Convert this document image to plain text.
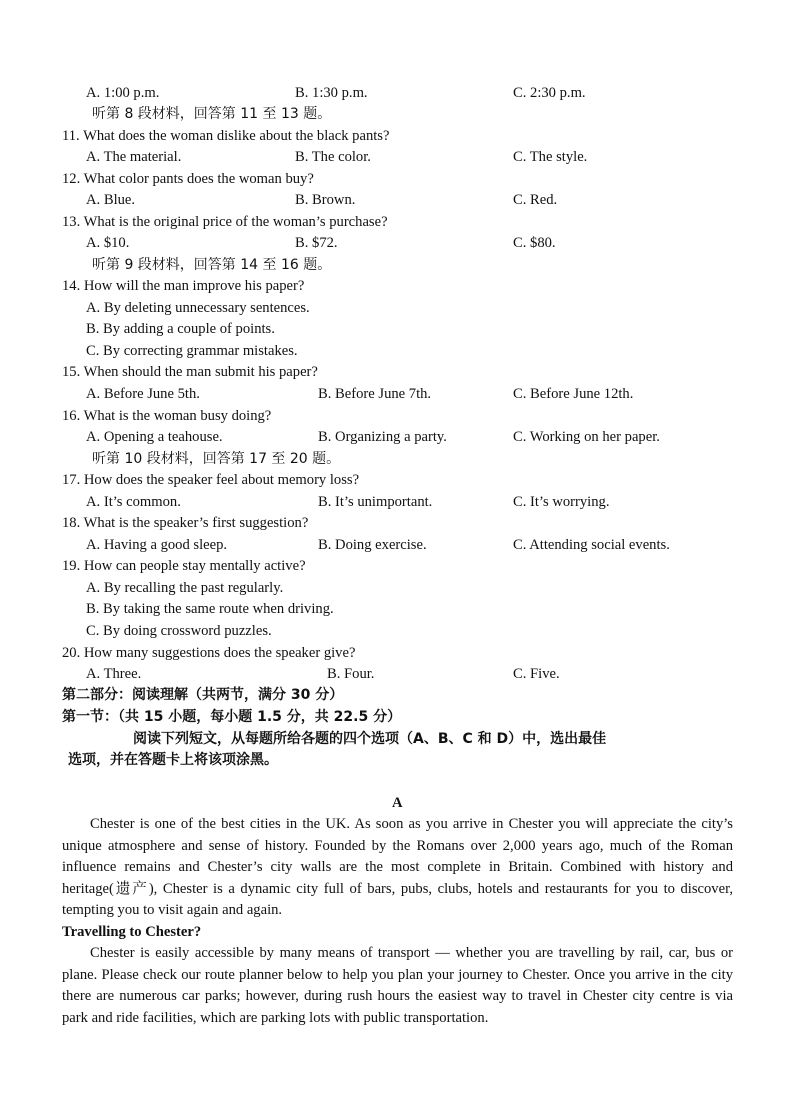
A. 1:00 p.m.	B. 1:30 p.m.	C. 2:30 p.m.
听第 8 段材料，回答第 11 至 13 题。
11. What does the woman dislike about the black pants?
A. The material.	B. The color.	C. The style.
12. What color pants does the woman buy?
A. Blue.	B. Brown.	C. Red.
13. What is the original price of the woman’s purchase?
A. $10.	B. $72.	C. $80.
听第 9 段材料，回答第 14 至 16 题。
14. How will the man improve his paper?
A. By deleting unnecessary sentences.
B. By adding a couple of points.
C. By correcting grammar mistakes.
15. When should the man submit his paper?
A. Before June 5th.	B. Before June 7th.	C. Before June 12th.
16. What is the woman busy doing?
A. Opening a teahouse.	B. Organizing a party.	C. Working on her paper.
听第 10 段材料，回答第 17 至 20 题。
17. How does the speaker feel about memory loss?
A. It’s common.	B. It’s unimportant.	C. It’s worrying.
18. What is the speaker’s first suggestion?
A. Having a good sleep.	B. Doing exercise.	C. Attending social events.
19. How can people stay mentally active?
A. By recalling the past regularly.
B. By taking the same route when driving.
C. By doing crossword puzzles.
20. How many suggestions does the speaker give?
A. Three.	B. Four.	C. Five.
第二部分：阅读理解（共两节，满分 30 分）
第一节：（共 15 小题，每小题 1.5 分，共 22.5 分）
阅读下列短文，从每题所给各题的四个选项（A、B、C 和 D）中，选出最佳
选项，并在答题卡上将该项涂黑。
A
Chester is one of the best cities in the UK. As soon as you arrive in Chester you will appreciate the city’s unique atmosphere and sense of history. Founded by the Romans over 2,000 years ago, much of the Roman influence remains and Chester’s city walls are the most complete in Britain. Combined with history and heritage(遗产), Chester is a dynamic city full of bars, pubs, clubs, hotels and restaurants for you to discover, tempting you to visit again and again.
Travelling to Chester?
Chester is easily accessible by many means of transport — whether you are travelling by rail, car, bus or plane. Please check our route planner below to help you plan your journey to Chester. Once you arrive in the city there are numerous car parks; however, during rush hours the easiest way to travel in Chester city centre is via park and ride facilities, which are parking lots with public transportation.
